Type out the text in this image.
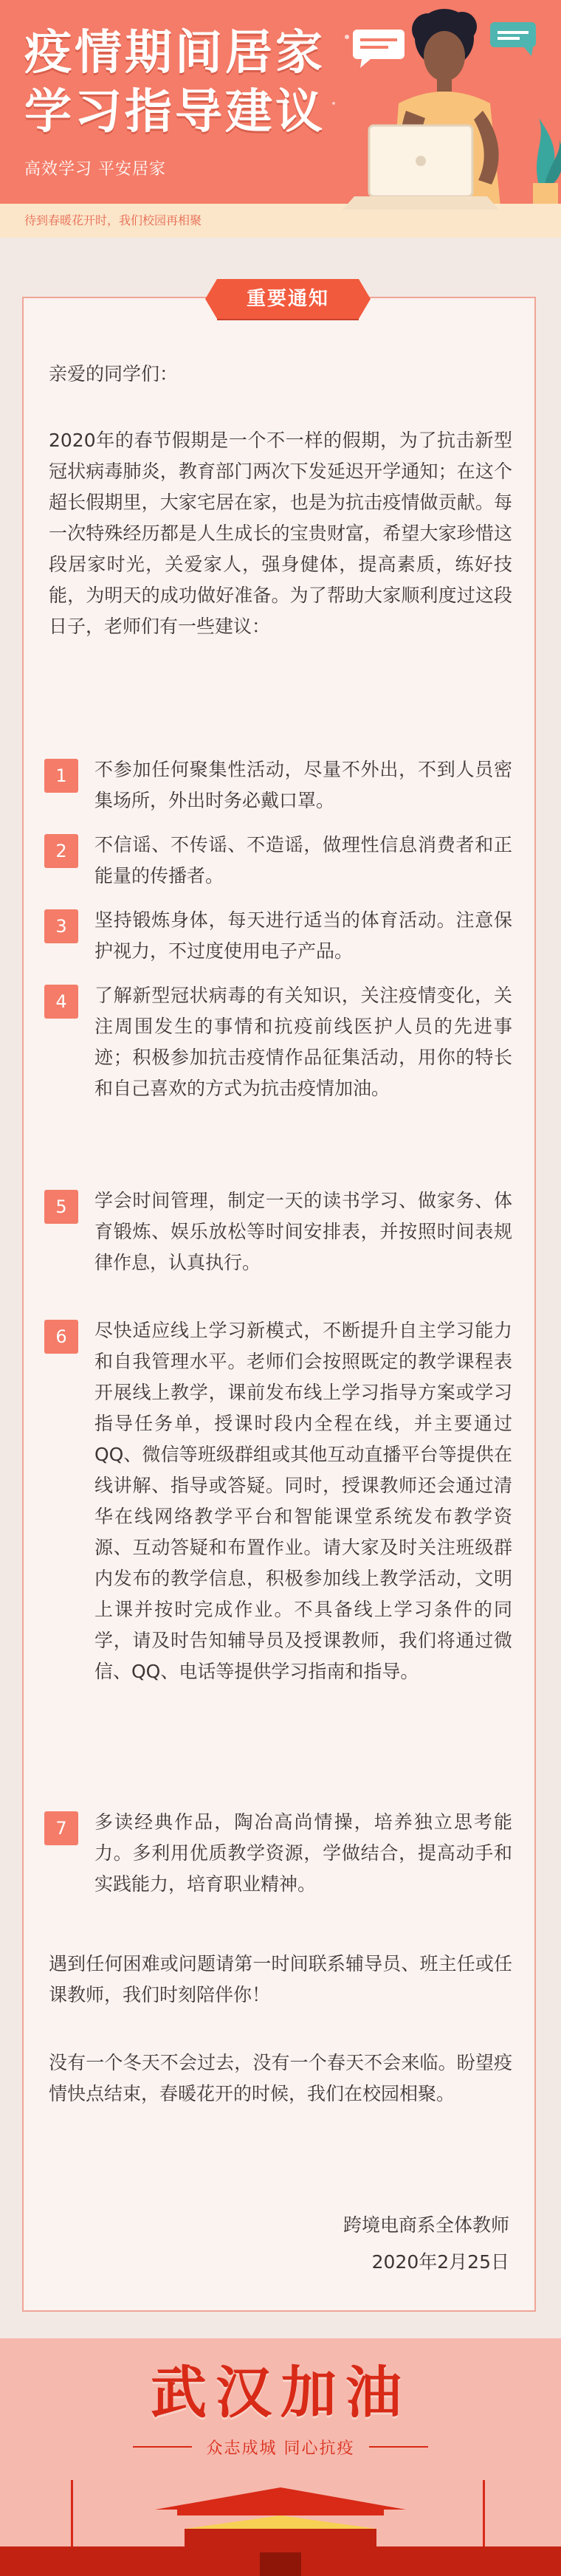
疫情期间居家
学习指导建议
高效学习 平安居家
待到春暖花开时，我们校园再相聚
重要通知

亲爱的同学们：

2020年的春节假期是一个不一样的假期，为了抗击新型冠状病毒肺炎，教育部门两次下发延迟开学通知；在这个超长假期里，大家宅居在家，也是为抗击疫情做贡献。每一次特殊经历都是人生成长的宝贵财富，希望大家珍惜这段居家时光，关爱家人，强身健体，提高素质，练好技能，为明天的成功做好准备。为了帮助大家顺利度过这段日子，老师们有一些建议：

1	不参加任何聚集性活动，尽量不外出，不到人员密集场所，外出时务必戴口罩。

2	不信谣、不传谣、不造谣，做理性信息消费者和正能量的传播者。

3	坚持锻炼身体，每天进行适当的体育活动。注意保护视力，不过度使用电子产品。

4	了解新型冠状病毒的有关知识，关注疫情变化，关注周围发生的事情和抗疫前线医护人员的先进事迹；积极参加抗击疫情作品征集活动，用你的特长和自己喜欢的方式为抗击疫情加油。

5	学会时间管理，制定一天的读书学习、做家务、体育锻炼、娱乐放松等时间安排表，并按照时间表规律作息，认真执行。

6	尽快适应线上学习新模式，不断提升自主学习能力和自我管理水平。老师们会按照既定的教学课程表开展线上教学，课前发布线上学习指导方案或学习指导任务单，授课时段内全程在线，并主要通过QQ、微信等班级群组或其他互动直播平台等提供在线讲解、指导或答疑。同时，授课教师还会通过清华在线网络教学平台和智能课堂系统发布教学资源、互动答疑和布置作业。请大家及时关注班级群内发布的教学信息，积极参加线上教学活动，文明上课并按时完成作业。不具备线上学习条件的同学，请及时告知辅导员及授课教师，我们将通过微信、QQ、电话等提供学习指南和指导。

7	多读经典作品，陶冶高尚情操，培养独立思考能力。多利用优质教学资源，学做结合，提高动手和实践能力，培育职业精神。

遇到任何困难或问题请第一时间联系辅导员、班主任或任课教师，我们时刻陪伴你！

没有一个冬天不会过去，没有一个春天不会来临。盼望疫情快点结束，春暖花开的时候，我们在校园相聚。

跨境电商系全体教师

2020年2月25日

武汉加油
众志成城 同心抗疫
